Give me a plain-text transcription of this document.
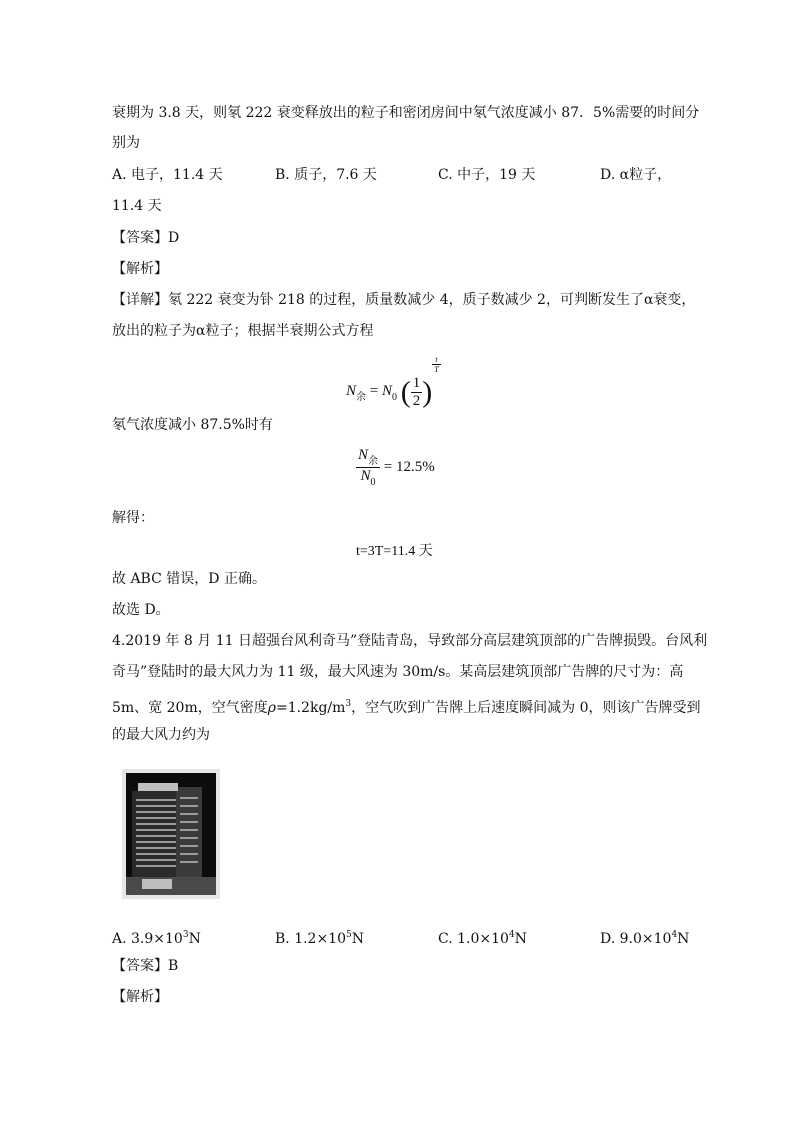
衰期为 3.8 天，则氡 222 衰变释放出的粒子和密闭房间中氡气浓度减小 87．5%需要的时间分
别为
A. 电子，11.4 天	B. 质子，7.6 天	C. 中子，19 天	D. α粒子，
11.4 天
【答案】D
【解析】
【详解】氡 222 衰变为钋 218 的过程，质量数减少 4，质子数减少 2，可判断发生了α衰变，
放出的粒子为α粒子；根据半衰期公式方程
$N_余 = N_0$ ( $\frac{1}{2}$ )
$\frac{t}{T}$
氡气浓度减小 87.5%时有
$\frac{N_余}{N_0} = 12.5\%$
解得：
t=3T=11.4 天
故 ABC 错误，D 正确。
故选 D。
4.2019 年 8 月 11 日超强台风利奇马”登陆青岛，导致部分高层建筑顶部的广告牌损毁。台风利
奇马”登陆时的最大风力为 11 级，最大风速为 30m/s。某高层建筑顶部广告牌的尺寸为：高
5m、宽 20m，空气密度$\rho=1.2kg/m^3$，空气吹到广告牌上后速度瞬间减为 0，则该广告牌受到
的最大风力约为
A. $3.9\times 10^3N$	B. $1.2\times 10^5N$	C. $1.0\times 10^4N$	D. $9.0\times 10^4N$
【答案】B
【解析】
